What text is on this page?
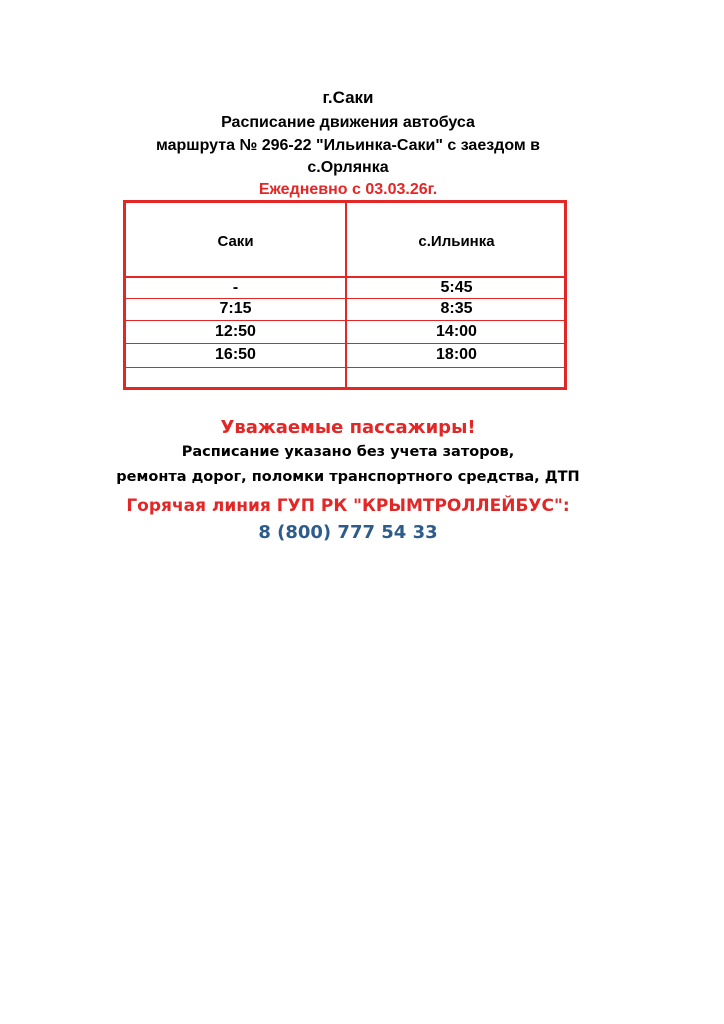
г.Саки
Расписание движения автобуса
маршрута № 296-22 "Ильинка-Саки" с заездом в
с.Орлянка
Ежедневно с 03.03.26г.
Саки	с.Ильинка
-	5:45
7:15	8:35
12:50	14:00
16:50	18:00
Уважаемые пассажиры!
Расписание указано без учета заторов,
ремонта дорог, поломки транспортного средства, ДТП
Горячая линия ГУП РК "КРЫМТРОЛЛЕЙБУС":
8 (800) 777 54 33
